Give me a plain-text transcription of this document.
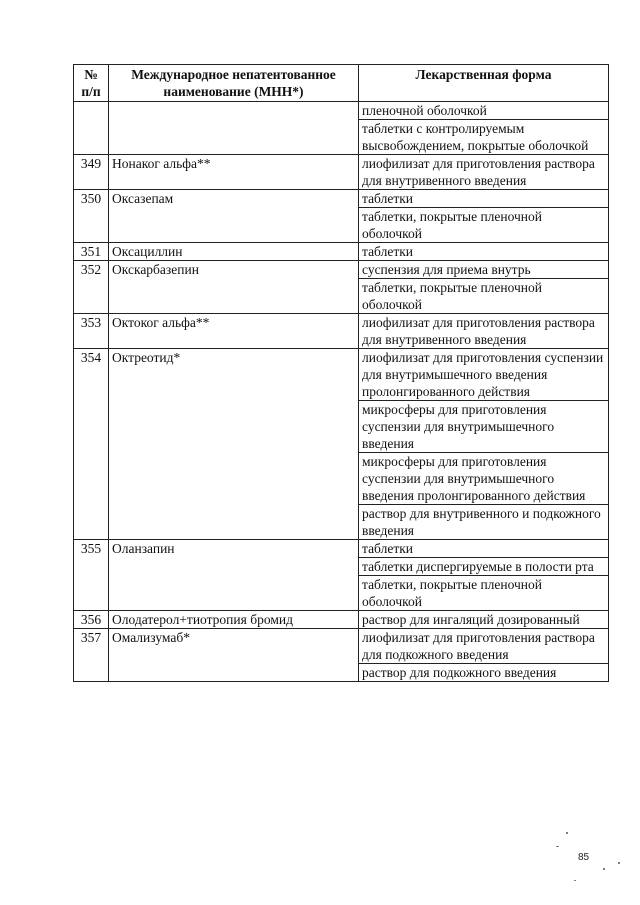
№ п/п	Международное непатентованное наименование (МНН*)	Лекарственная форма
		пленочной оболочкой
		таблетки с контролируемым высвобождением, покрытые оболочкой
349	Нонаког альфа**	лиофилизат для приготовления раствора для внутривенного введения
350	Оксазепам	таблетки
		таблетки, покрытые пленочной оболочкой
351	Оксациллин	таблетки
352	Окскарбазепин	суспензия для приема внутрь
		таблетки, покрытые пленочной оболочкой
353	Октоког альфа**	лиофилизат для приготовления раствора для внутривенного введения
354	Октреотид*	лиофилизат для приготовления суспензии для внутримышечного введения пролонгированного действия
		микросферы для приготовления суспензии для внутримышечного введения
		микросферы для приготовления суспензии для внутримышечного введения пролонгированного действия
		раствор для внутривенного и подкожного введения
355	Оланзапин	таблетки
		таблетки диспергируемые в полости рта
		таблетки, покрытые пленочной оболочкой
356	Олодатерол+тиотропия бромид	раствор для ингаляций дозированный
357	Омализумаб*	лиофилизат для приготовления раствора для подкожного введения
		раствор для подкожного введения
85
